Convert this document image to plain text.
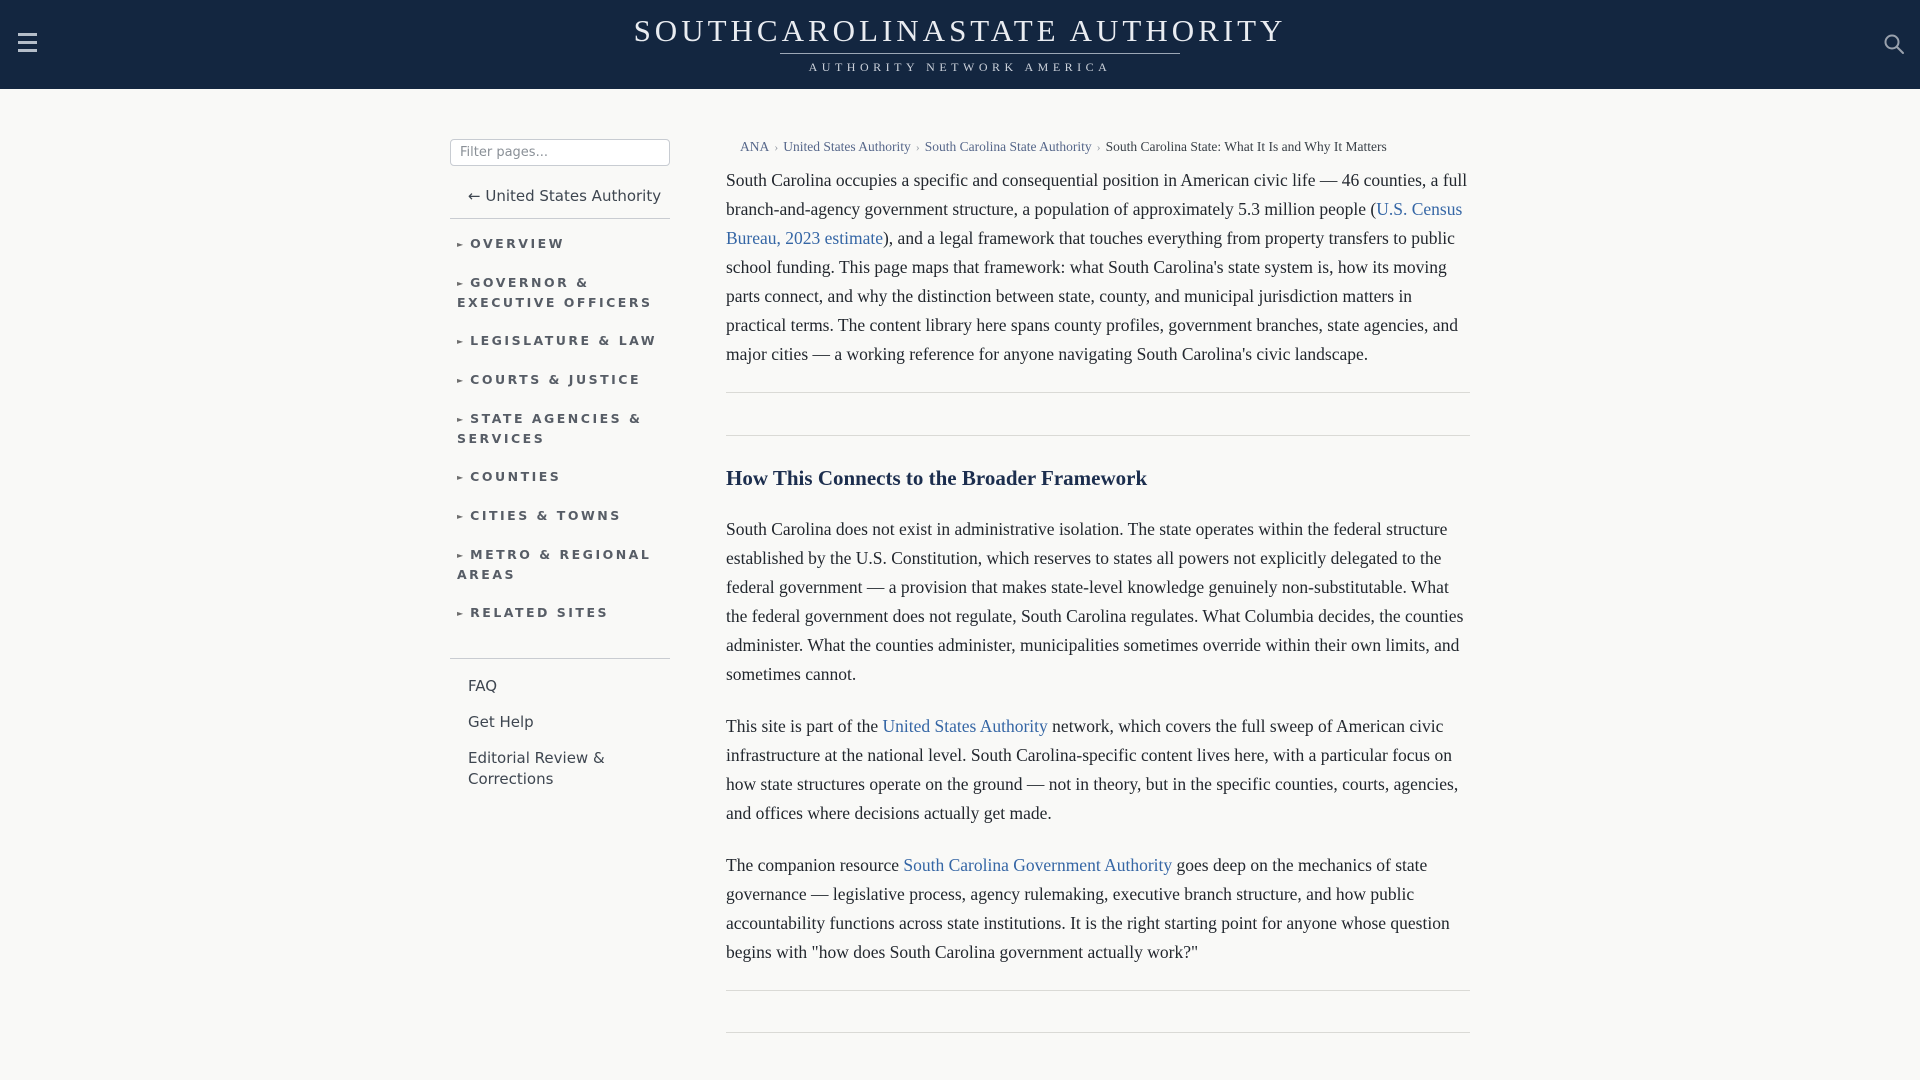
SOUTHCAROLINASTATE AUTHORITY
AUTHORITY NETWORK AMERICA
Filter pages...
← United States Authority
► OVERVIEW
► GOVERNOR & EXECUTIVE OFFICERS
► LEGISLATURE & LAW
► COURTS & JUSTICE
► STATE AGENCIES & SERVICES
► COUNTIES
► CITIES & TOWNS
► METRO & REGIONAL AREAS
► RELATED SITES
FAQ
Get Help
Editorial Review & Corrections
ANA › United States Authority › South Carolina State Authority › South Carolina State: What It Is and Why It Matters

South Carolina occupies a specific and consequential position in American civic life — 46 counties, a full branch-and-agency government structure, a population of approximately 5.3 million people (U.S. Census Bureau, 2023 estimate), and a legal framework that touches everything from property transfers to public school funding. This page maps that framework: what South Carolina's state system is, how its moving parts connect, and why the distinction between state, county, and municipal jurisdiction matters in practical terms. The content library here spans county profiles, government branches, state agencies, and major cities — a working reference for anyone navigating South Carolina's civic landscape.

How This Connects to the Broader Framework

South Carolina does not exist in administrative isolation. The state operates within the federal structure established by the U.S. Constitution, which reserves to states all powers not explicitly delegated to the federal government — a provision that makes state-level knowledge genuinely non-substitutable. What the federal government does not regulate, South Carolina regulates. What Columbia decides, the counties administer. What the counties administer, municipalities sometimes override within their own limits, and sometimes cannot.

This site is part of the United States Authority network, which covers the full sweep of American civic infrastructure at the national level. South Carolina-specific content lives here, with a particular focus on how state structures operate on the ground — not in theory, but in the specific counties, courts, agencies, and offices where decisions actually get made.

The companion resource South Carolina Government Authority goes deep on the mechanics of state governance — legislative process, agency rulemaking, executive branch structure, and how public accountability functions across state institutions. It is the right starting point for anyone whose question begins with "how does South Carolina government actually work?"
